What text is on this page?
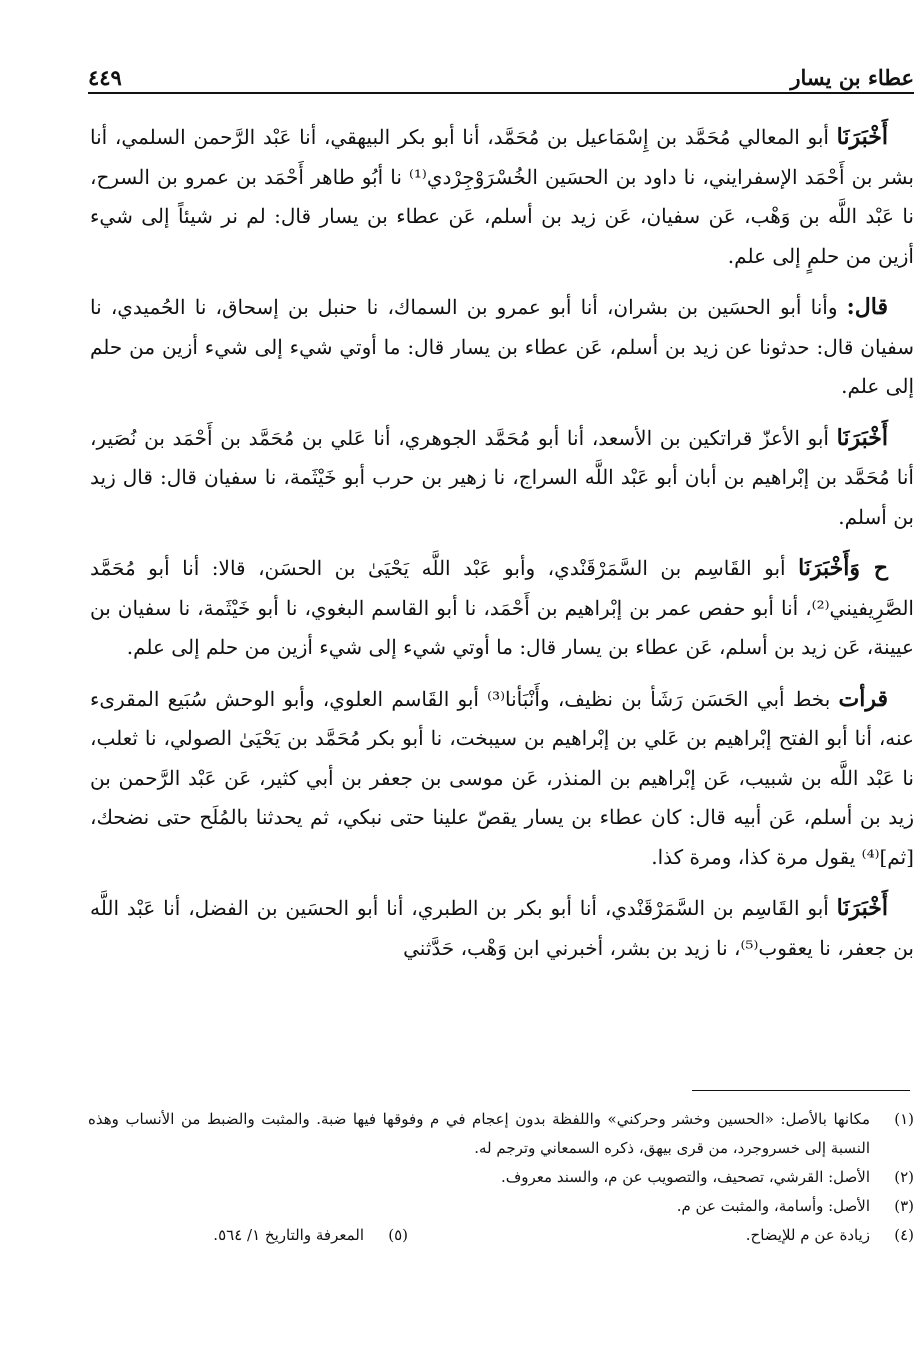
عطاء بن يسار
٤٤٩

أَخْبَرَنَا أبو المعالي مُحَمَّد بن إِسْمَاعيل بن مُحَمَّد، أنا أبو بكر البيهقي، أنا عَبْد الرَّحمن السلمي، أنا بشر بن أَحْمَد الإسفرايني، نا داود بن الحسَين الخُسْرَوْجِرْدي⁽¹⁾ نا أبُو طاهر أَحْمَد بن عمرو بن السرح، نا عَبْد اللَّه بن وَهْب، عَن سفيان، عَن زيد بن أسلم، عَن عطاء بن يسار قال: لم نر شيئاً إلى شيء أزين من حلمٍ إلى علم.

قال: وأنا أبو الحسَين بن بشران، أنا أبو عمرو بن السماك، نا حنبل بن إسحاق، نا الحُميدي، نا سفيان قال: حدثونا عن زيد بن أسلم، عَن عطاء بن يسار قال: ما أوتي شيء إلى شيء أزين من حلم إلى علم.

أَخْبَرَنَا أبو الأعزّ قراتكين بن الأسعد، أنا أبو مُحَمَّد الجوهري، أنا عَلي بن مُحَمَّد بن أَحْمَد بن نُصَير، أنا مُحَمَّد بن إبْراهيم بن أبان أبو عَبْد اللَّه السراج، نا زهير بن حرب أبو خَيْثَمة، نا سفيان قال: قال زيد بن أسلم.

ح وَأَخْبَرَنَا أبو القَاسِم بن السَّمَرْقَنْدي، وأبو عَبْد اللَّه يَحْيَىٰ بن الحسَن، قالا: أنا أبو مُحَمَّد الصَّرِيفيني⁽²⁾، أنا أبو حفص عمر بن إبْراهيم بن أَحْمَد، نا أبو القاسم البغوي، نا أبو خَيْثَمة، نا سفيان بن عيينة، عَن زيد بن أسلم، عَن عطاء بن يسار قال: ما أوتي شيء إلى شيء أزين من حلم إلى علم.

قرأت بخط أبي الحَسَن رَشَأ بن نظيف، وأَنْبَأنا⁽³⁾ أبو القَاسم العلوي، وأبو الوحش سُبَيع المقرىء عنه، أنا أبو الفتح إبْراهيم بن عَلي بن إبْراهيم بن سيبخت، نا أبو بكر مُحَمَّد بن يَحْيَىٰ الصولي، نا ثعلب، نا عَبْد اللَّه بن شبيب، عَن إبْراهيم بن المنذر، عَن موسى بن جعفر بن أبي كثير، عَن عَبْد الرَّحمن بن زيد بن أسلم، عَن أبيه قال: كان عطاء بن يسار يقصّ علينا حتى نبكي، ثم يحدثنا بالمُلَح حتى نضحك، [ثم]⁽⁴⁾ يقول مرة كذا، ومرة كذا.

أَخْبَرَنَا أبو القَاسِم بن السَّمَرْقَنْدي، أنا أبو بكر بن الطبري، أنا أبو الحسَين بن الفضل، أنا عَبْد اللَّه بن جعفر، نا يعقوب⁽⁵⁾، نا زيد بن بشر، أخبرني ابن وَهْب، حَدَّثني

(١)
مكانها بالأصل: «الحسين وخشر وحركني» واللفظة بدون إعجام في م وفوقها فيها ضبة. والمثبت والضبط من الأنساب وهذه النسبة إلى خسروجرد، من قرى بيهق، ذكره السمعاني وترجم له.
(٢)
الأصل: القرشي، تصحيف، والتصويب عن م، والسند معروف.
(٣)
الأصل: وأسامة، والمثبت عن م.
(٤)
زيادة عن م للإيضاح.
(٥)
المعرفة والتاريخ ١/ ٥٦٤.
